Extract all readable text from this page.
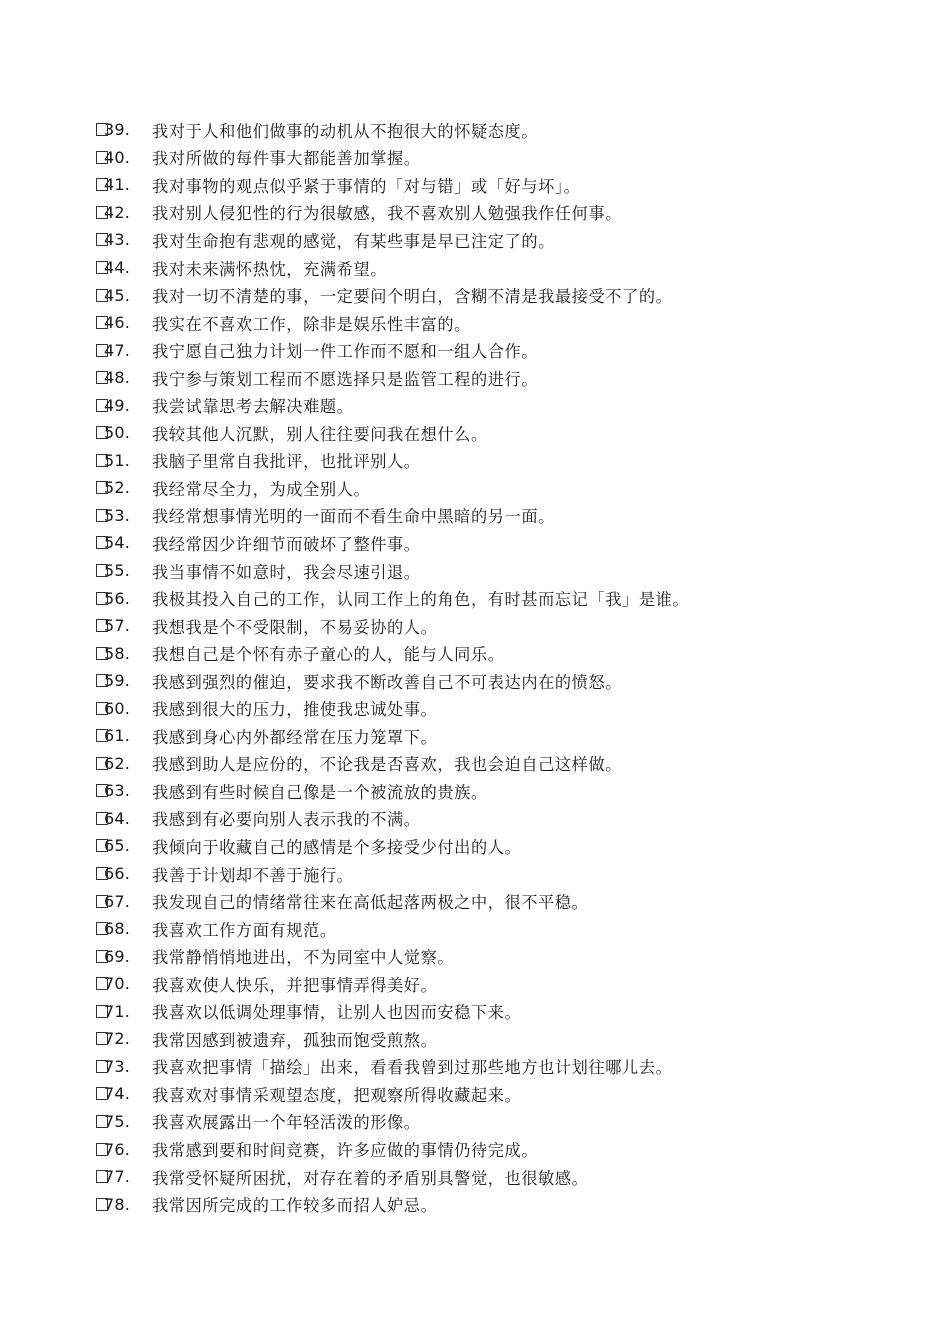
39.	我对于人和他们做事的动机从不抱很大的怀疑态度。
40.	我对所做的每件事大都能善加掌握。
41.	我对事物的观点似乎紧于事情的「对与错」或「好与坏」。
42.	我对别人侵犯性的行为很敏感，我不喜欢别人勉强我作任何事。
43.	我对生命抱有悲观的感觉，有某些事是早已注定了的。
44.	我对未来满怀热忱，充满希望。
45.	我对一切不清楚的事，一定要问个明白，含糊不清是我最接受不了的。
46.	我实在不喜欢工作，除非是娱乐性丰富的。
47.	我宁愿自己独力计划一件工作而不愿和一组人合作。
48.	我宁参与策划工程而不愿选择只是监管工程的进行。
49.	我尝试靠思考去解决难题。
50.	我较其他人沉默，别人往往要问我在想什么。
51.	我脑子里常自我批评，也批评别人。
52.	我经常尽全力，为成全别人。
53.	我经常想事情光明的一面而不看生命中黑暗的另一面。
54.	我经常因少许细节而破坏了整件事。
55.	我当事情不如意时，我会尽速引退。
56.	我极其投入自己的工作，认同工作上的角色，有时甚而忘记「我」是谁。
57.	我想我是个不受限制，不易妥协的人。
58.	我想自己是个怀有赤子童心的人，能与人同乐。
59.	我感到强烈的催迫，要求我不断改善自己不可表达内在的愤怒。
60.	我感到很大的压力，推使我忠诚处事。
61.	我感到身心内外都经常在压力笼罩下。
62.	我感到助人是应份的，不论我是否喜欢，我也会迫自己这样做。
63.	我感到有些时候自己像是一个被流放的贵族。
64.	我感到有必要向别人表示我的不满。
65.	我倾向于收藏自己的感情是个多接受少付出的人。
66.	我善于计划却不善于施行。
67.	我发现自己的情绪常往来在高低起落两极之中，很不平稳。
68.	我喜欢工作方面有规范。
69.	我常静悄悄地进出，不为同室中人觉察。
70.	我喜欢使人快乐，并把事情弄得美好。
71.	我喜欢以低调处理事情，让别人也因而安稳下来。
72.	我常因感到被遗弃，孤独而饱受煎熬。
73.	我喜欢把事情「描绘」出来，看看我曾到过那些地方也计划往哪儿去。
74.	我喜欢对事情采观望态度，把观察所得收藏起来。
75.	我喜欢展露出一个年轻活泼的形像。
76.	我常感到要和时间竞赛，许多应做的事情仍待完成。
77.	我常受怀疑所困扰，对存在着的矛盾别具警觉，也很敏感。
78.	我常因所完成的工作较多而招人妒忌。
